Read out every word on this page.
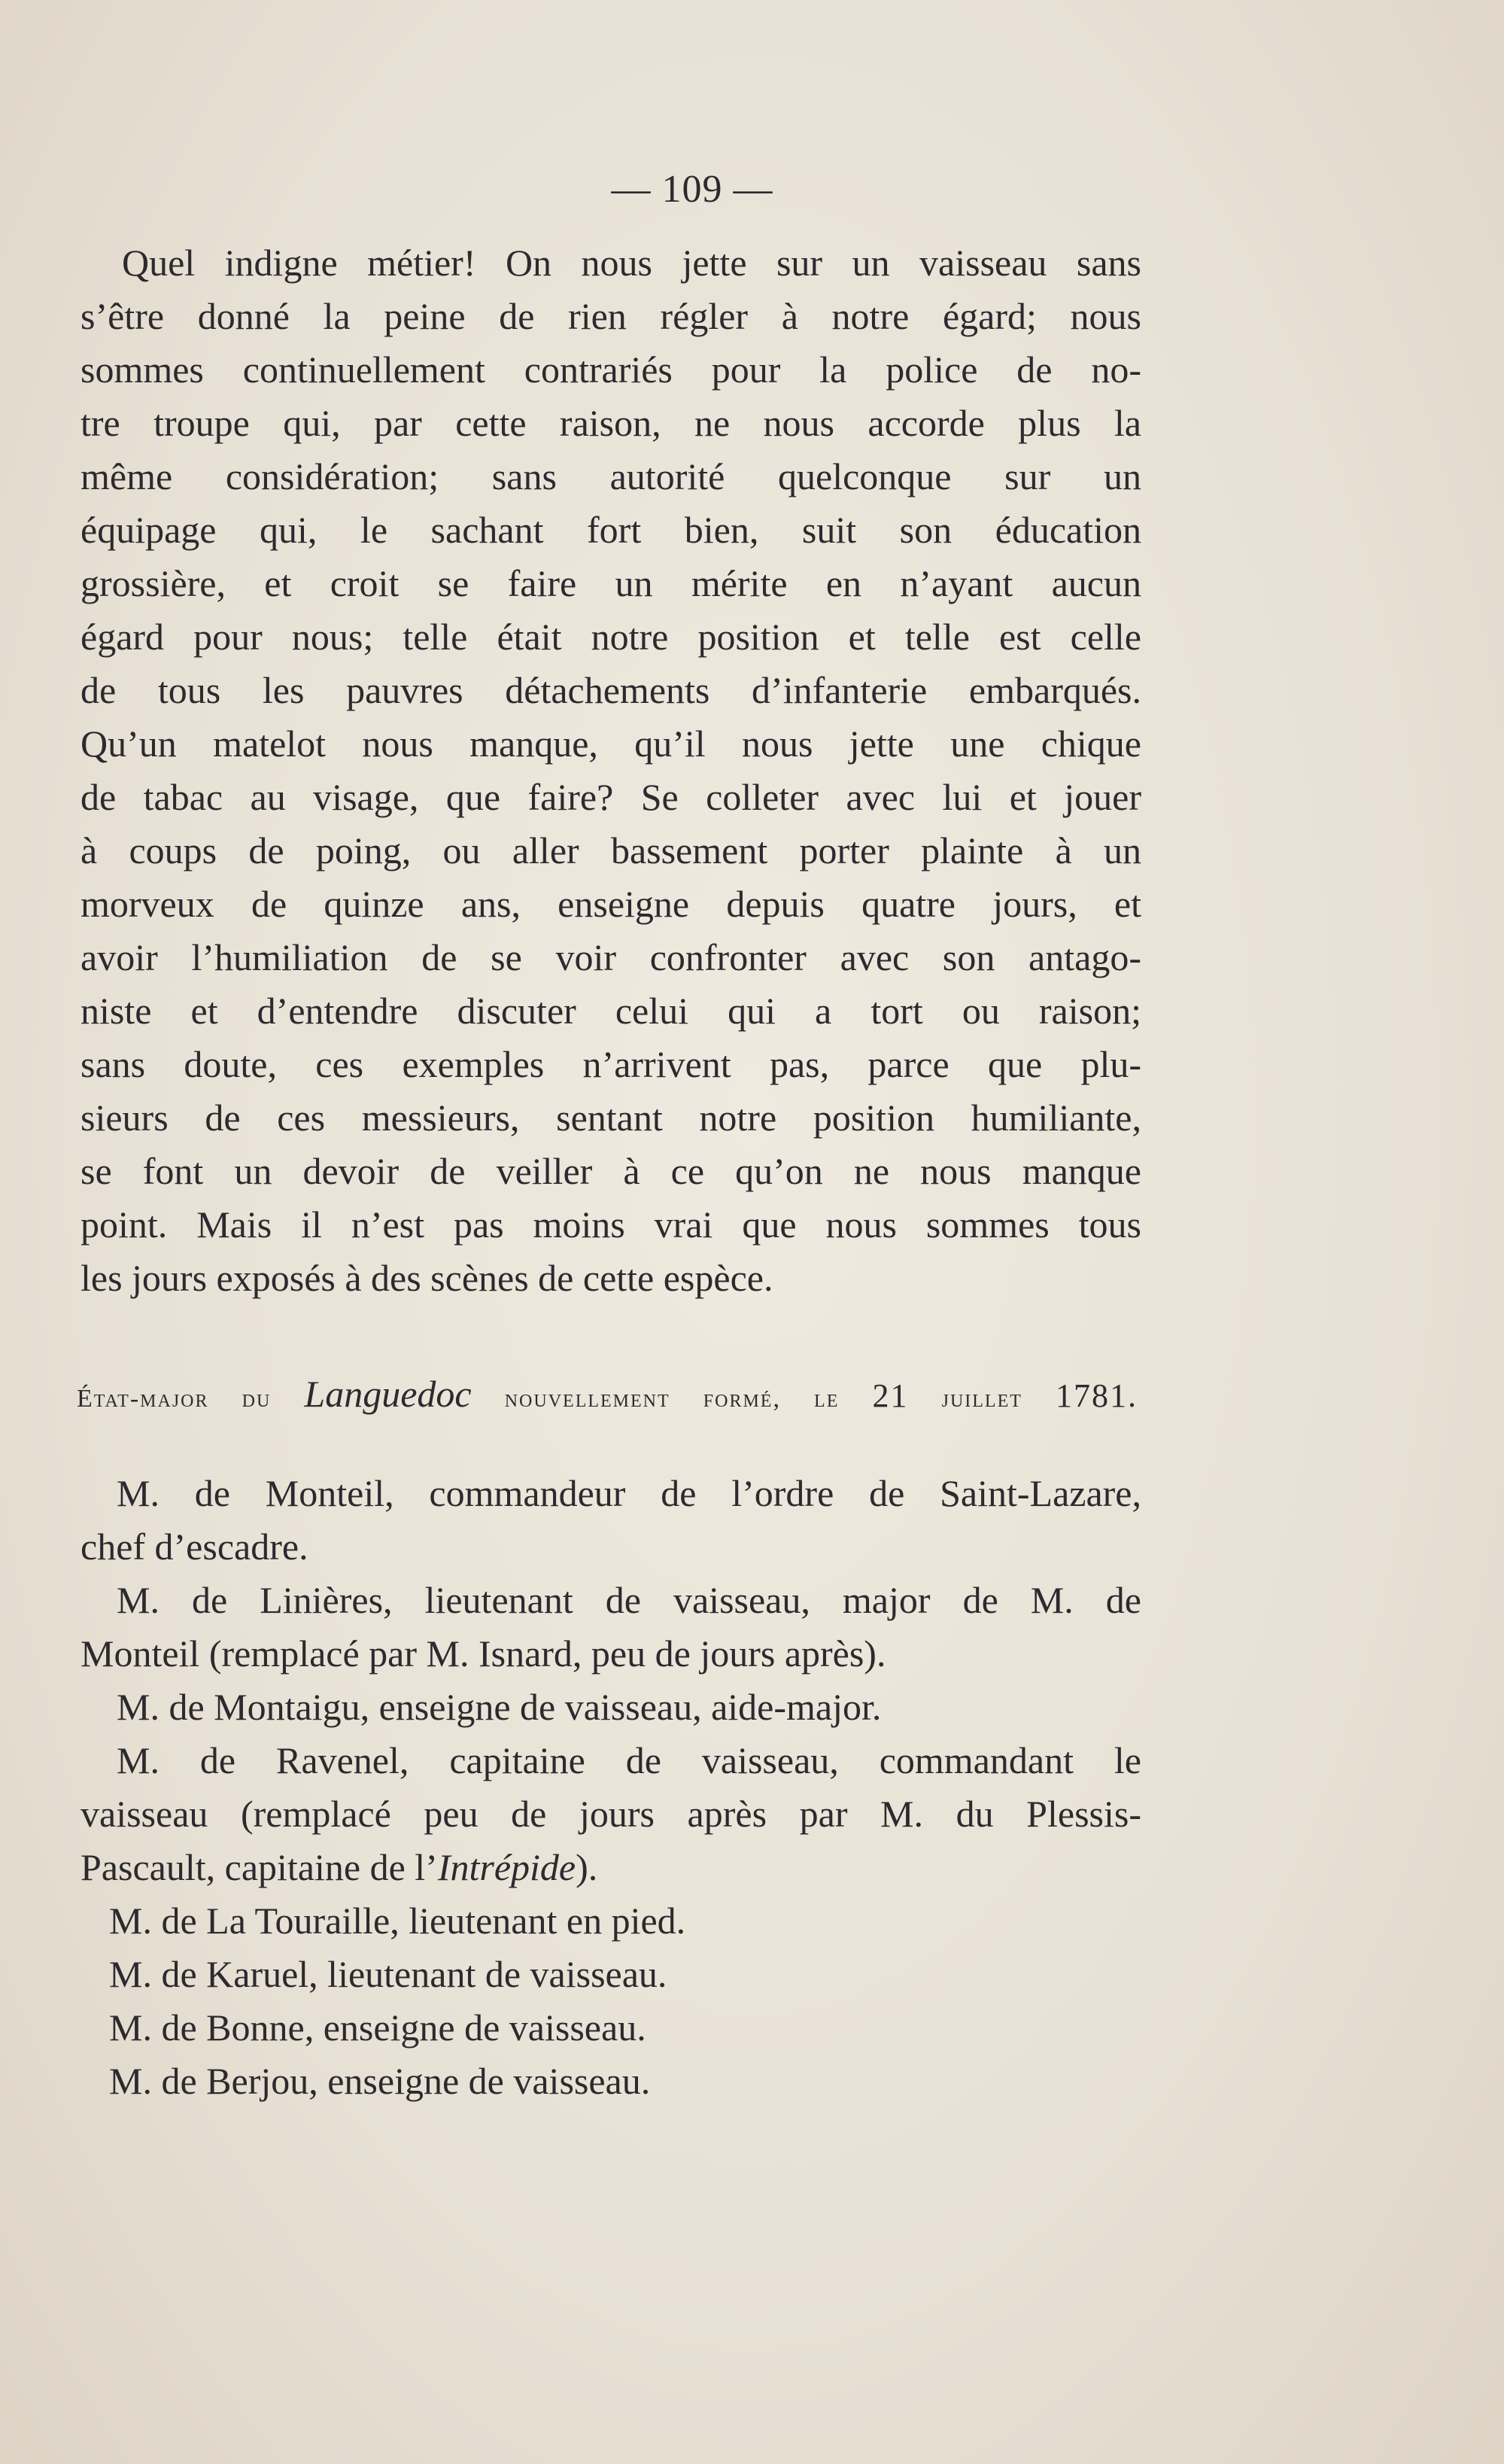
— 109 —
Quel indigne métier! On nous jette sur un vaisseau sans
s’être donné la peine de rien régler à notre égard; nous
sommes continuellement contrariés pour la police de no-
tre troupe qui, par cette raison, ne nous accorde plus la
même considération; sans autorité quelconque sur un
équipage qui, le sachant fort bien, suit son éducation
grossière, et croit se faire un mérite en n’ayant aucun
égard pour nous; telle était notre position et telle est celle
de tous les pauvres détachements d’infanterie embarqués.
Qu’un matelot nous manque, qu’il nous jette une chique
de tabac au visage, que faire? Se colleter avec lui et jouer
à coups de poing, ou aller bassement porter plainte à un
morveux de quinze ans, enseigne depuis quatre jours, et
avoir l’humiliation de se voir confronter avec son antago-
niste et d’entendre discuter celui qui a tort ou raison;
sans doute, ces exemples n’arrivent pas, parce que plu-
sieurs de ces messieurs, sentant notre position humiliante,
se font un devoir de veiller à ce qu’on ne nous manque
point. Mais il n’est pas moins vrai que nous sommes tous
les jours exposés à des scènes de cette espèce.
État-major du Languedoc nouvellement formé, le 21 juillet 1781.
M. de Monteil, commandeur de l’ordre de Saint-Lazare,
chef d’escadre.
M. de Linières, lieutenant de vaisseau, major de M. de
Monteil (remplacé par M. Isnard, peu de jours après).
M. de Montaigu, enseigne de vaisseau, aide-major.
M. de Ravenel, capitaine de vaisseau, commandant le
vaisseau (remplacé peu de jours après par M. du Plessis-
Pascault, capitaine de l’Intrépide).
M. de La Touraille, lieutenant en pied.
M. de Karuel, lieutenant de vaisseau.
M. de Bonne, enseigne de vaisseau.
M. de Berjou, enseigne de vaisseau.
